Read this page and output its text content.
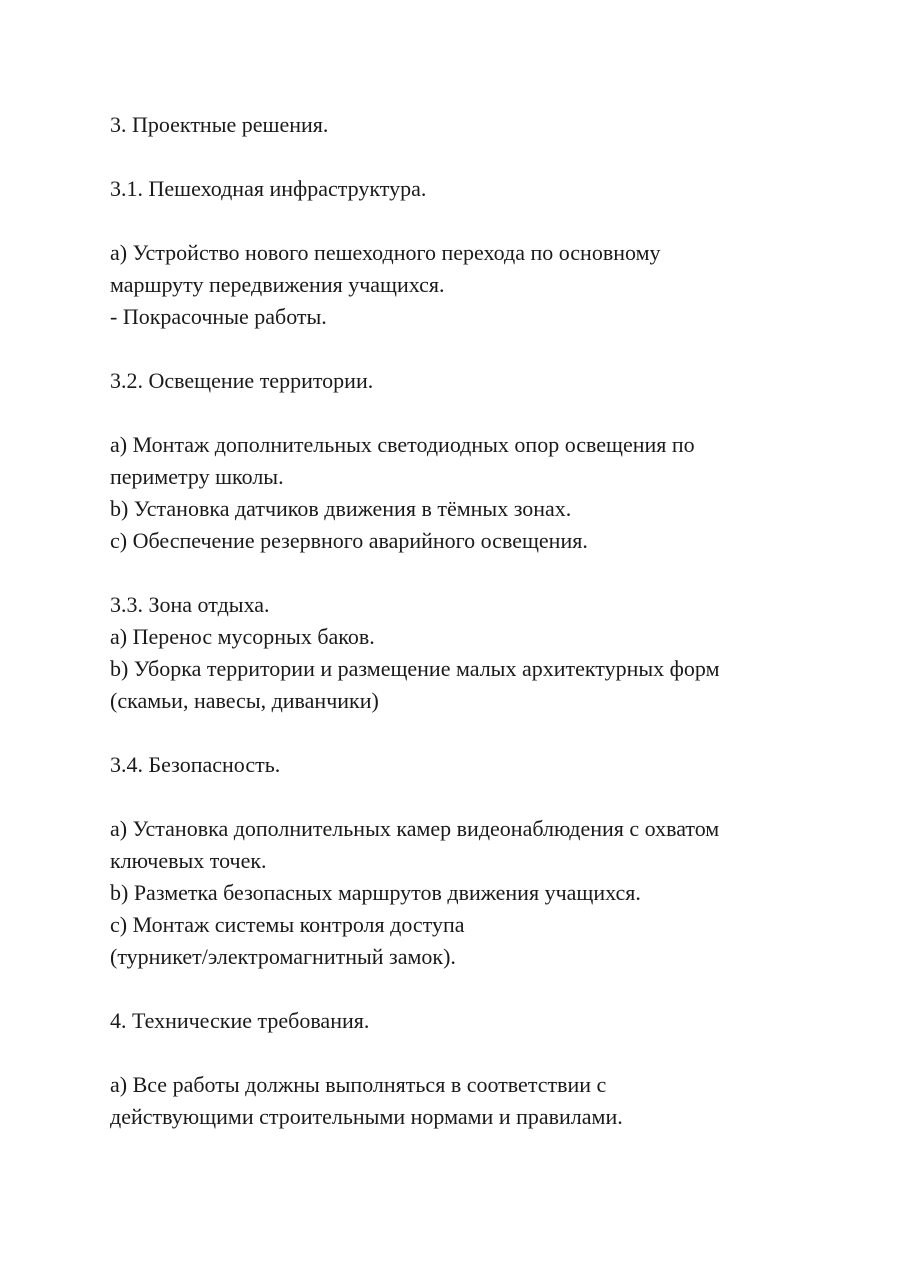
3. Проектные решения.
3.1. Пешеходная инфраструктура.
а) Устройство нового пешеходного перехода по основному
маршруту передвижения учащихся.
- Покрасочные работы.
3.2. Освещение территории.
а) Монтаж дополнительных светодиодных опор освещения по
периметру школы.
b) Установка датчиков движения в тёмных зонах.
с) Обеспечение резервного аварийного освещения.
3.3. Зона отдыха.
а) Перенос мусорных баков.
b) Уборка территории и размещение малых архитектурных форм
(скамьи, навесы, диванчики)
3.4. Безопасность.
а) Установка дополнительных камер видеонаблюдения с охватом
ключевых точек.
b) Разметка безопасных маршрутов движения учащихся.
с) Монтаж системы контроля доступа
(турникет/электромагнитный замок).
4. Технические требования.
а) Все работы должны выполняться в соответствии с
действующими строительными нормами и правилами.
